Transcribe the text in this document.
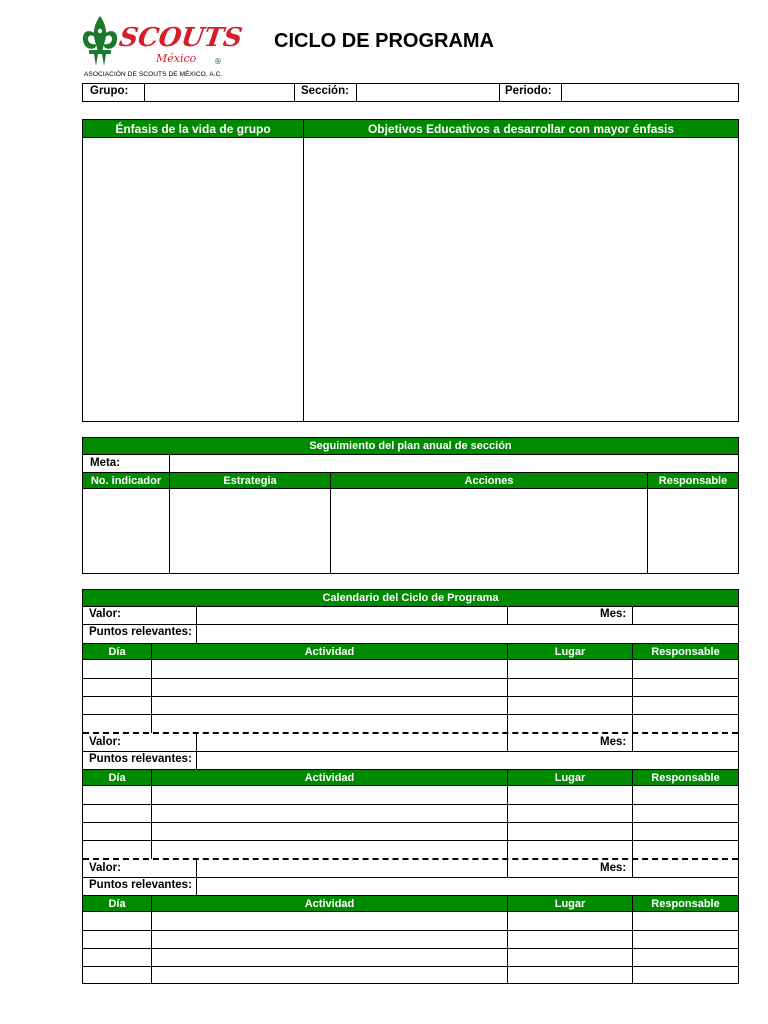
SCOUTS
México ®
ASOCIACIÓN DE SCOUTS DE MÉXICO, A.C.
CICLO DE PROGRAMA
Grupo:	Sección:	Periodo:
Énfasis de la vida de grupo	Objetivos Educativos a desarrollar con mayor énfasis
Seguimiento del plan anual de sección
Meta:
No. indicador	Estrategia	Acciones	Responsable
Calendario del Ciclo de Programa
Valor:	Mes:
Puntos relevantes:
Día	Actividad	Lugar	Responsable
Valor:	Mes:
Puntos relevantes:
Día	Actividad	Lugar	Responsable
Valor:	Mes:
Puntos relevantes:
Día	Actividad	Lugar	Responsable
